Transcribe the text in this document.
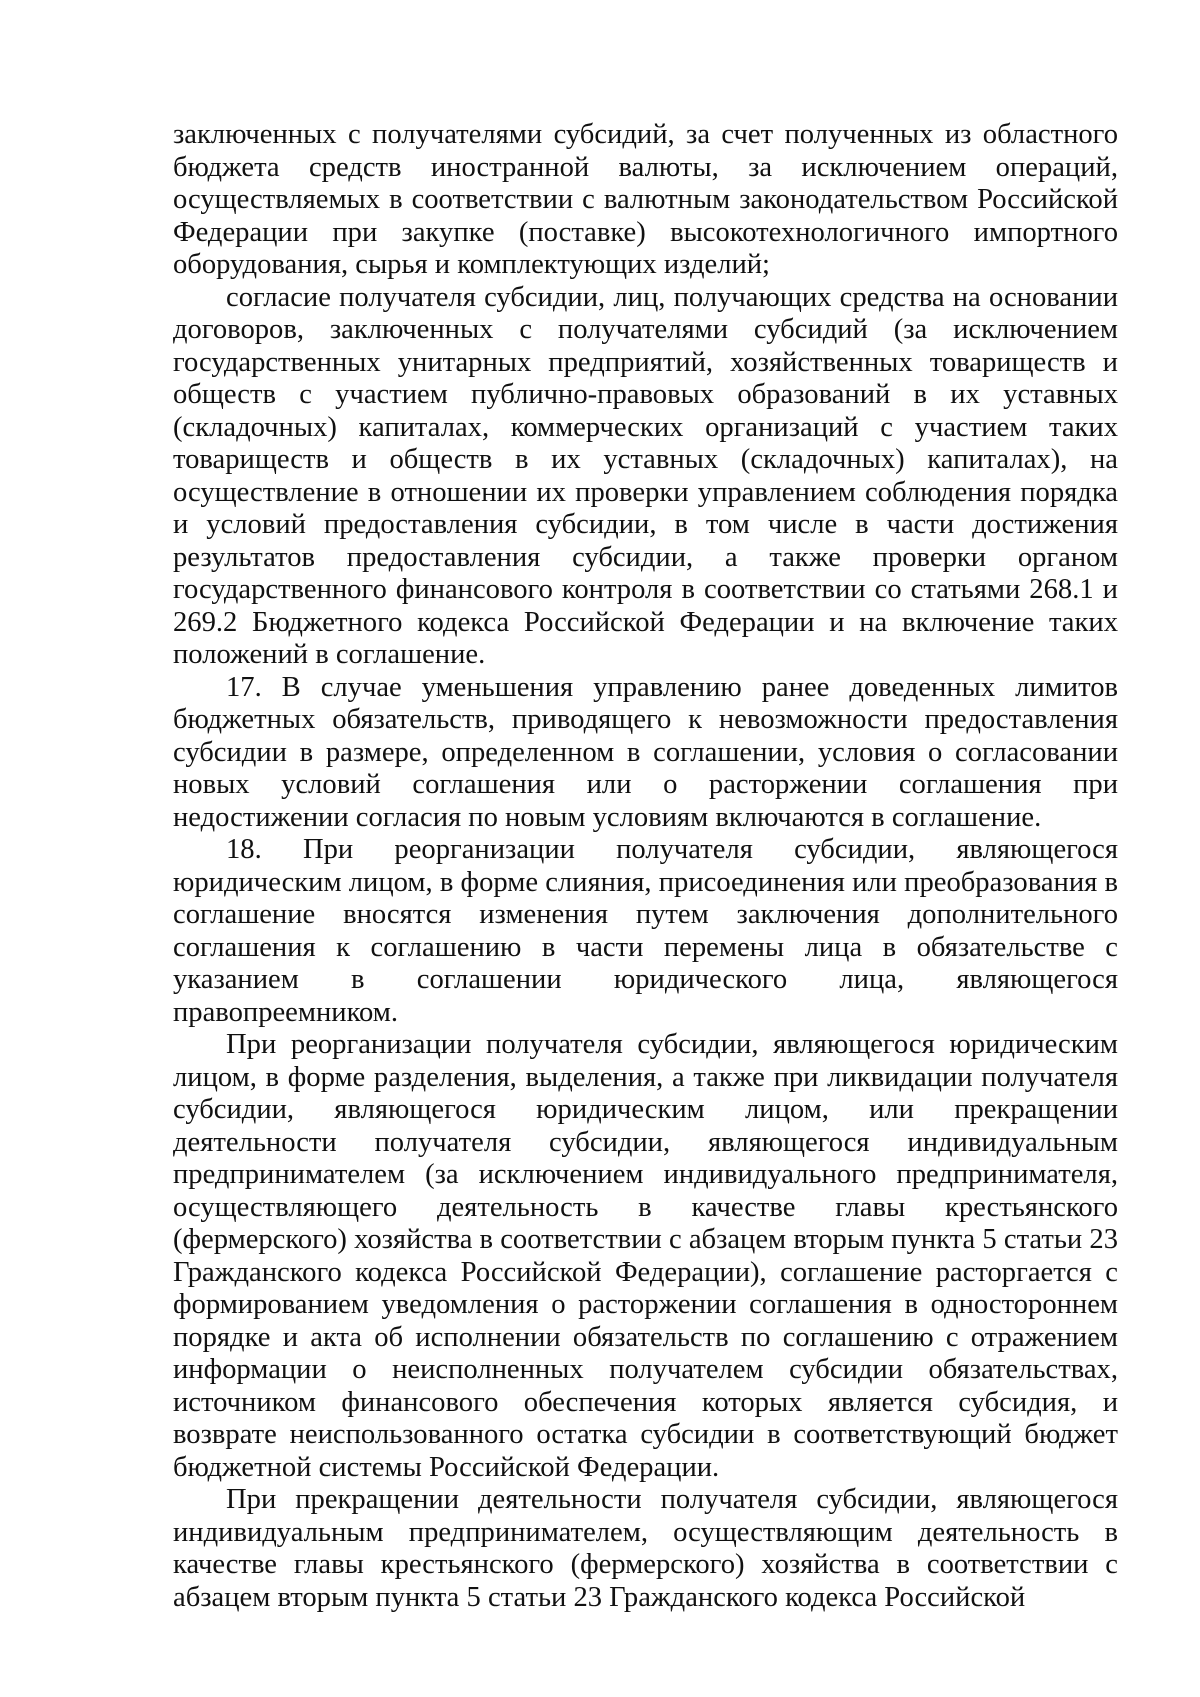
заключенных с получателями субсидий, за счет полученных из областного бюджета средств иностранной валюты, за исключением операций, осуществляемых в соответствии с валютным законодательством Российской Федерации при закупке (поставке) высокотехнологичного импортного оборудования, сырья и комплектующих изделий;

согласие получателя субсидии, лиц, получающих средства на основании договоров, заключенных с получателями субсидий (за исключением государственных унитарных предприятий, хозяйственных товариществ и обществ с участием публично-правовых образований в их уставных (складочных) капиталах, коммерческих организаций с участием таких товариществ и обществ в их уставных (складочных) капиталах), на осуществление в отношении их проверки управлением соблюдения порядка и условий предоставления субсидии, в том числе в части достижения результатов предоставления субсидии, а также проверки органом государственного финансового контроля в соответствии со статьями 268.1 и 269.2 Бюджетного кодекса Российской Федерации и на включение таких положений в соглашение.

17. В случае уменьшения управлению ранее доведенных лимитов бюджетных обязательств, приводящего к невозможности предоставления субсидии в размере, определенном в соглашении, условия о согласовании новых условий соглашения или о расторжении соглашения при недостижении согласия по новым условиям включаются в соглашение.

18. При реорганизации получателя субсидии, являющегося юридическим лицом, в форме слияния, присоединения или преобразования в соглашение вносятся изменения путем заключения дополнительного соглашения к соглашению в части перемены лица в обязательстве с указанием в соглашении юридического лица, являющегося правопреемником.

При реорганизации получателя субсидии, являющегося юридическим лицом, в форме разделения, выделения, а также при ликвидации получателя субсидии, являющегося юридическим лицом, или прекращении деятельности получателя субсидии, являющегося индивидуальным предпринимателем (за исключением индивидуального предпринимателя, осуществляющего деятельность в качестве главы крестьянского (фермерского) хозяйства в соответствии с абзацем вторым пункта 5 статьи 23 Гражданского кодекса Российской Федерации), соглашение расторгается с формированием уведомления о расторжении соглашения в одностороннем порядке и акта об исполнении обязательств по соглашению с отражением информации о неисполненных получателем субсидии обязательствах, источником финансового обеспечения которых является субсидия, и возврате неиспользованного остатка субсидии в соответствующий бюджет бюджетной системы Российской Федерации.

При прекращении деятельности получателя субсидии, являющегося индивидуальным предпринимателем, осуществляющим деятельность в качестве главы крестьянского (фермерского) хозяйства в соответствии с абзацем вторым пункта 5 статьи 23 Гражданского кодекса Российской
